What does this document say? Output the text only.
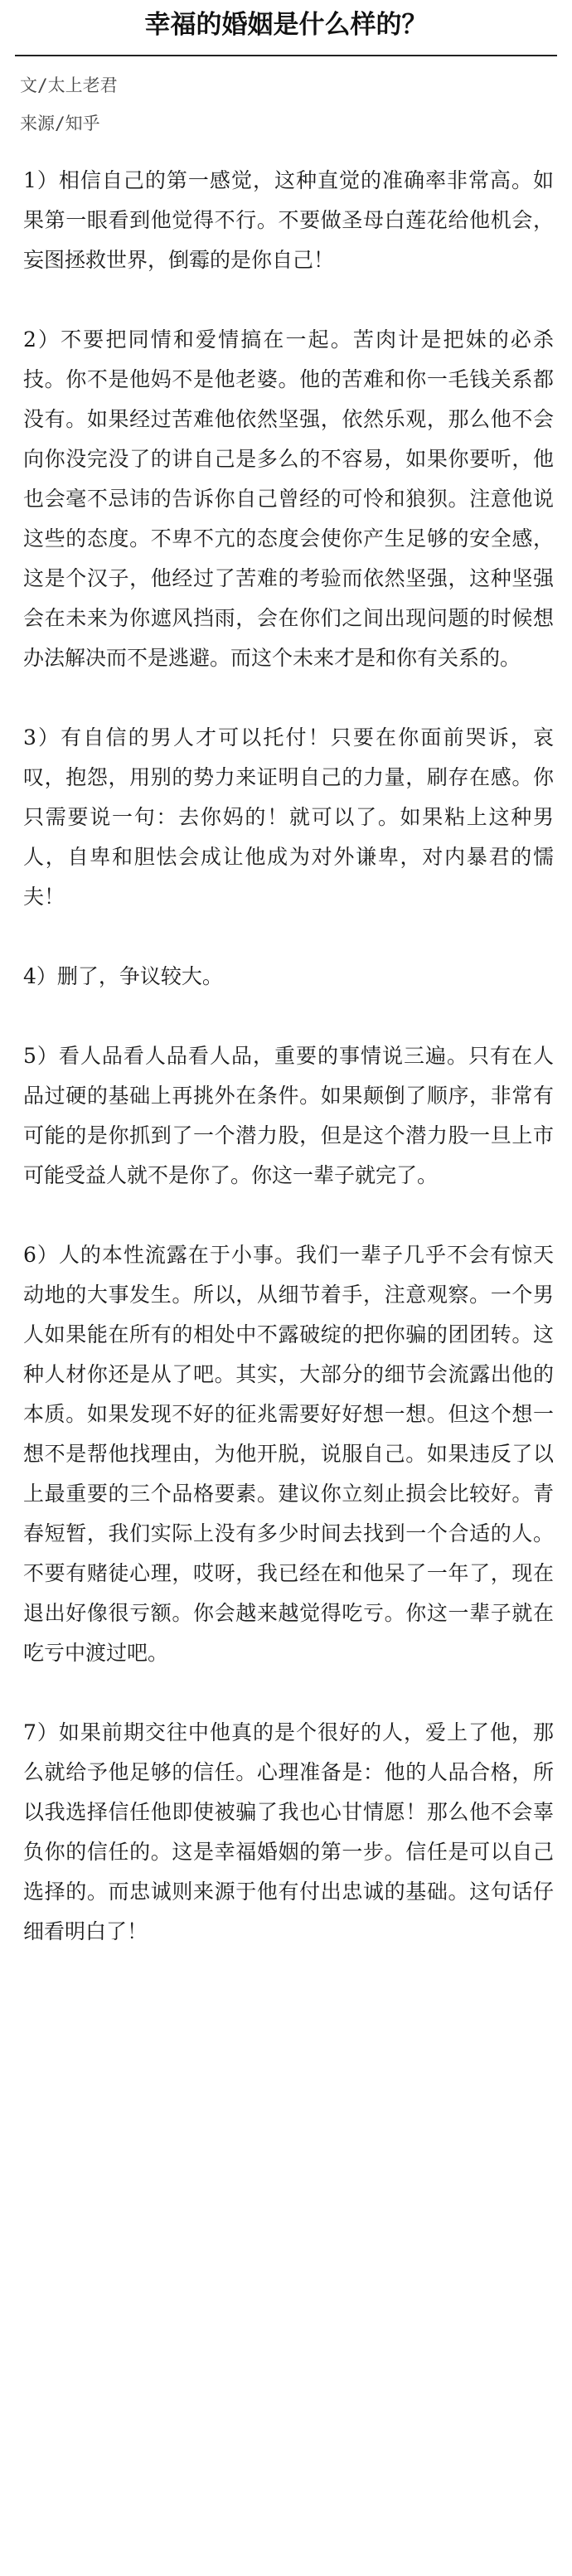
幸福的婚姻是什么样的？
文/太上老君
来源/知乎

1）相信自己的第一感觉，这种直觉的准确率非常高。如果第一眼看到他觉得不行。不要做圣母白莲花给他机会，妄图拯救世界，倒霉的是你自己！

2）不要把同情和爱情搞在一起。苦肉计是把妹的必杀技。你不是他妈不是他老婆。他的苦难和你一毛钱关系都没有。如果经过苦难他依然坚强，依然乐观，那么他不会向你没完没了的讲自己是多么的不容易，如果你要听，他也会毫不忌讳的告诉你自己曾经的可怜和狼狈。注意他说这些的态度。不卑不亢的态度会使你产生足够的安全感，这是个汉子，他经过了苦难的考验而依然坚强，这种坚强会在未来为你遮风挡雨，会在你们之间出现问题的时候想办法解决而不是逃避。而这个未来才是和你有关系的。

3）有自信的男人才可以托付！只要在你面前哭诉，哀叹，抱怨，用别的势力来证明自己的力量，刷存在感。你只需要说一句：去你妈的！就可以了。如果粘上这种男人，自卑和胆怯会成让他成为对外谦卑，对内暴君的懦夫！

4）删了，争议较大。

5）看人品看人品看人品，重要的事情说三遍。只有在人品过硬的基础上再挑外在条件。如果颠倒了顺序，非常有可能的是你抓到了一个潜力股，但是这个潜力股一旦上市可能受益人就不是你了。你这一辈子就完了。

6）人的本性流露在于小事。我们一辈子几乎不会有惊天动地的大事发生。所以，从细节着手，注意观察。一个男人如果能在所有的相处中不露破绽的把你骗的团团转。这种人材你还是从了吧。其实，大部分的细节会流露出他的本质。如果发现不好的征兆需要好好想一想。但这个想一想不是帮他找理由，为他开脱，说服自己。如果违反了以上最重要的三个品格要素。建议你立刻止损会比较好。青春短暂，我们实际上没有多少时间去找到一个合适的人。不要有赌徒心理，哎呀，我已经在和他呆了一年了，现在退出好像很亏额。你会越来越觉得吃亏。你这一辈子就在吃亏中渡过吧。

7）如果前期交往中他真的是个很好的人，爱上了他，那么就给予他足够的信任。心理准备是：他的人品合格，所以我选择信任他即使被骗了我也心甘情愿！那么他不会辜负你的信任的。这是幸福婚姻的第一步。信任是可以自己选择的。而忠诚则来源于他有付出忠诚的基础。这句话仔细看明白了！
